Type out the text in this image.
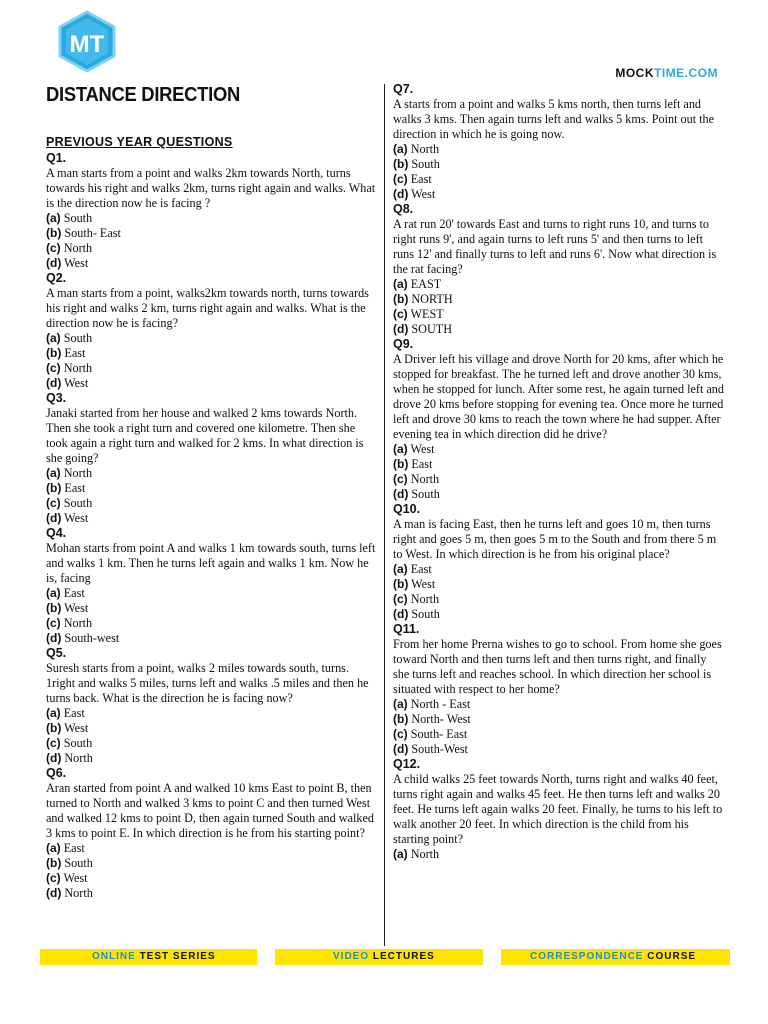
MT
MOCKTIME.COM
DISTANCE DIRECTION
PREVIOUS YEAR QUESTIONS
Q1.

A man starts from a point and walks 2km towards North, turns towards his right and walks 2km, turns right again and walks. What is the direction now he is facing ?

(a) South
(b) South- East
(c) North
(d) West
Q2.

A man starts from a point, walks2km towards north, turns towards his right and walks 2 km, turns right again and walks. What is the direction now he is facing?

(a) South
(b) East
(c) North
(d) West
Q3.

Janaki started from her house and walked 2 kms towards North. Then she took a right turn and covered one kilometre. Then she took again a right turn and walked for 2 kms. In what direction is she going?

(a) North
(b) East
(c) South
(d) West
Q4.

Mohan starts from point A and walks 1 km towards south, turns left and walks 1 km. Then he turns left again and walks 1 km. Now he is, facing

(a) East
(b) West
(c) North
(d) South-west
Q5.

Suresh starts from a point, walks 2 miles towards south, turns. 1right and walks 5 miles, turns left and walks .5 miles and then he turns back. What is the direction he is facing now?

(a) East
(b) West
(c) South
(d) North
Q6.

Aran started from point A and walked 10 kms East to point B, then turned to North and walked 3 kms to point C and then turned West and walked 12 kms to point D, then again turned South and walked 3 kms to point E. In which direction is he from his starting point?

(a) East
(b) South
(c) West
(d) North
Q7.

A starts from a point and walks 5 kms north, then turns left and walks 3 kms. Then again turns left and walks 5 kms. Point out the direction in which he is going now.

(a) North
(b) South
(c) East
(d) West
Q8.

A rat run 20' towards East and turns to right runs 10, and turns to right runs 9', and again turns to left runs 5' and then turns to left runs 12' and finally turns to left and runs 6'. Now what direction is the rat facing?

(a) EAST
(b) NORTH
(c) WEST
(d) SOUTH
Q9.

A Driver left his village and drove North for 20 kms, after which he stopped for breakfast. The he turned left and drove another 30 kms, when he stopped for lunch. After some rest, he again turned left and drove 20 kms before stopping for evening tea. Once more he turned left and drove 30 kms to reach the town where he had supper. After evening tea in which direction did he drive?

(a) West
(b) East
(c) North
(d) South
Q10.

A man is facing East, then he turns left and goes 10 m, then turns right and goes 5 m, then goes 5 m to the South and from there 5 m to West. In which direction is he from his original place?

(a) East
(b) West
(c) North
(d) South
Q11.

From her home Prerna wishes to go to school. From home she goes toward North and then turns left and then turns right, and finally she turns left and reaches school. In which direction her school is situated with respect to her home?

(a) North - East
(b) North- West
(c) South- East
(d) South-West
Q12.

A child walks 25 feet towards North, turns right and walks 40 feet, turns right again and walks 45 feet. He then turns left and walks 20 feet. He turns left again walks 20 feet. Finally, he turns to his left to walk another 20 feet. In which direction is the child from his starting point?

(a) North
ONLINE TEST SERIES	VIDEO LECTURES	CORRESPONDENCE COURSE
